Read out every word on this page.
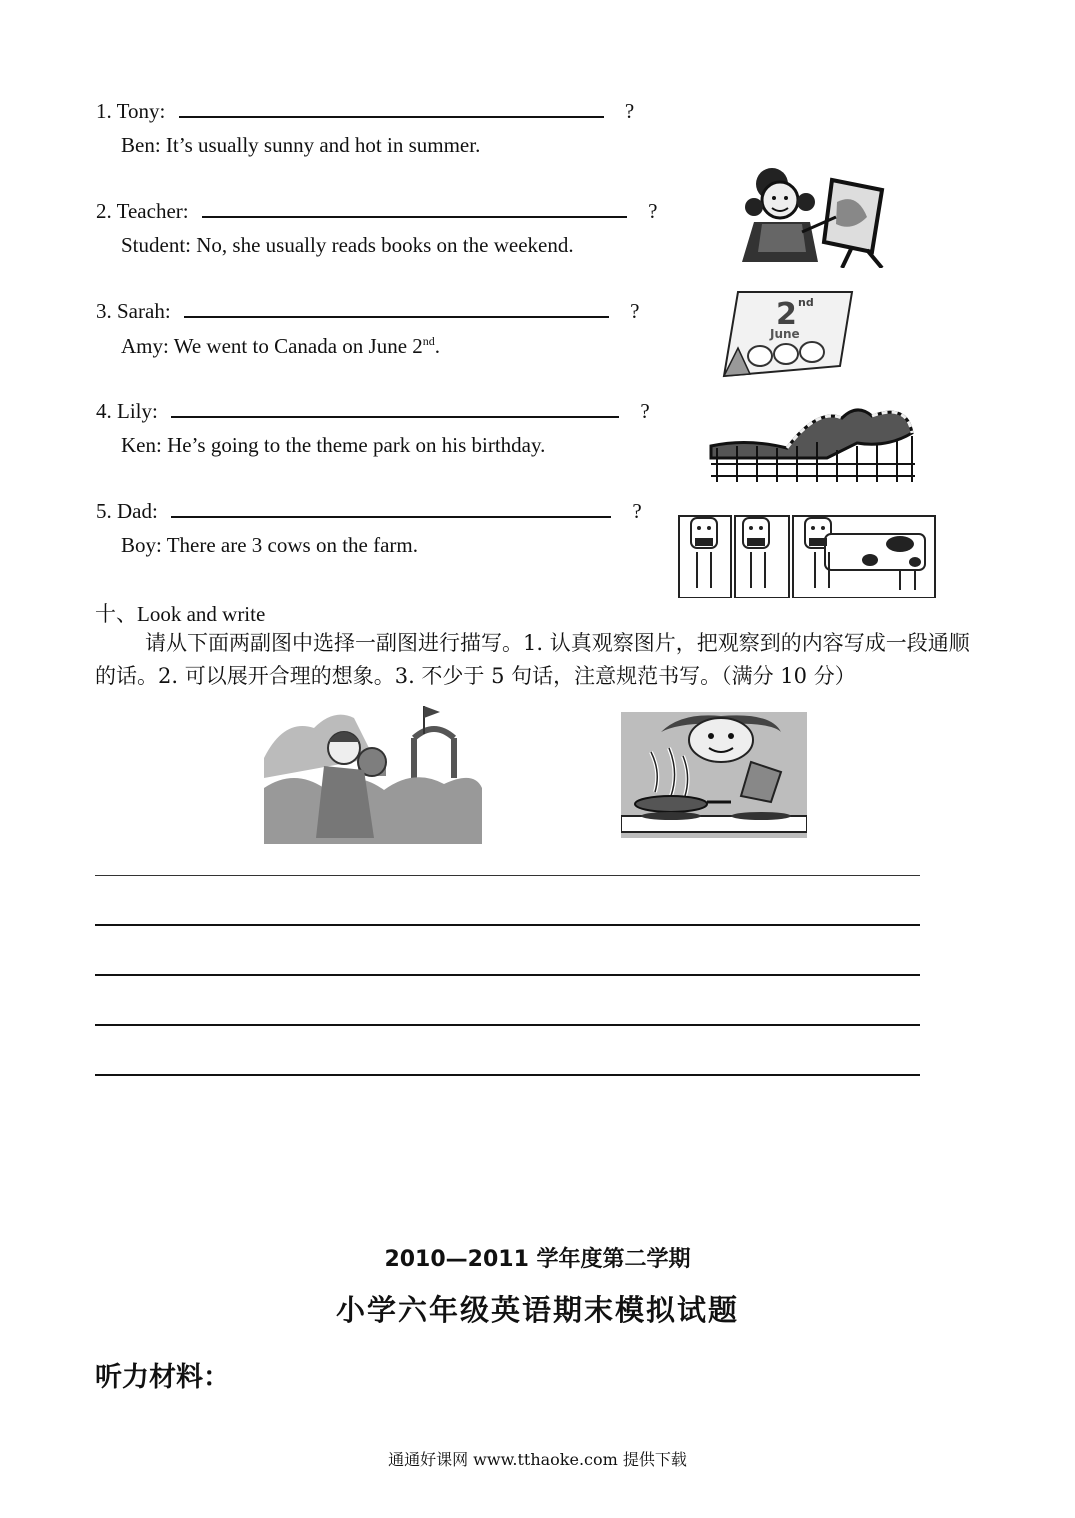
1. Tony:	?
Ben: It’s usually sunny and hot in summer.
2. Teacher:	?
Student: No, she usually reads books on the weekend.
3. Sarah:	?
Amy: We went to Canada on June 2nd.
4. Lily:	?
Ken: He’s going to the theme park on his birthday.
5. Dad:	?
Boy: There are 3 cows on the farm.
2 nd
June
十、Look and write
请从下面两副图中选择一副图进行描写。1. 认真观察图片，把观察到的内容写成一段通顺的话。2. 可以展开合理的想象。3. 不少于 5 句话，注意规范书写。（满分 10 分）
2010—2011 学年度第二学期
小学六年级英语期末模拟试题
听力材料：
通通好课网 www.tthaoke.com 提供下载
